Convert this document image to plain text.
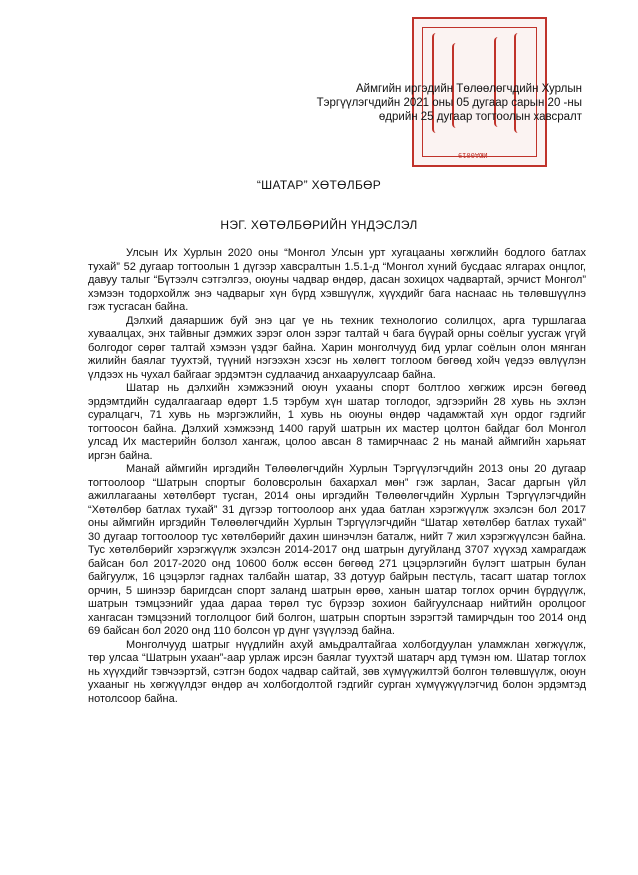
ИЮА0019
Аймгийн иргэдийн Төлөөлөгчдийн Хурлын
Тэргүүлэгчдийн 2021 оны 05 дугаар сарын 20 -ны
өдрийн 25 дугаар тогтоолын хавсралт
“ШАТАР” ХӨТӨЛБӨР
НЭГ. ХӨТӨЛБӨРИЙН ҮНДЭСЛЭЛ

Улсын Их Хурлын 2020 оны “Монгол Улсын урт хугацааны хөгжлийн бодлого батлах тухай” 52 дугаар тогтоолын 1 дүгээр хавсралтын 1.5.1-д “Монгол хүний бусдаас ялгарах онцлог, давуу талыг “Бүтээлч сэтгэлгээ, оюуны чадвар өндөр, дасан зохицох чадвартай, эрчист Монгол” хэмээн тодорхойлж энэ чадварыг хүн бүрд хэвшүүлж, хүүхдийг бага наснаас нь төлөвшүүлнэ гэж тусгасан байна.

Дэлхий даяаршиж буй энэ цаг үе нь техник технологио солилцох, арга туршлагаа хуваалцах, энх тайвныг дэмжих зэрэг олон зэрэг талтай ч бага бүүрай орны соёлыг уусгаж үгүй болгодог сөрөг талтай хэмээн үздэг байна. Харин монголчууд бид урлаг соёлын олон мянган жилийн баялаг тууxтэй, түүний нэгээхэн хэсэг нь хөлөгт тоглоом бөгөөд хойч үедээ өвлүүлэн үлдээх нь чухал байгааг эрдэмтэн судлаачид анхааруулсаар байна.

Шатар нь дэлхийн хэмжээний оюун ухааны спорт болтлоо хөгжиж ирсэн бөгөөд эрдэмтдийн судалгаагаар өдөрт 1.5 тэрбум хүн шатар тоглодог, эдгээрийн 28 хувь нь эхлэн суралцагч, 71 хувь нь мэргэжлийн, 1 хувь нь оюуны өндөр чадамжтай хүн ордог гэдгийг тогтоосон байна. Дэлхий хэмжээнд 1400 гаруй шатрын их мастер цолтон байдаг бол Монгол улсад Их мастерийн болзол хангаж, цолоо авсан 8 тамирчнаас 2 нь манай аймгийн харьяат иргэн байна.

Манай аймгийн иргэдийн Төлөөлөгчдийн Хурлын Тэргүүлэгчдийн 2013 оны 20 дугаар тогтоолоор “Шатрын спортыг боловсролын бахархал мөн” гэж зарлан, Засаг даргын үйл ажиллагааны хөтөлбөрт тусган, 2014 оны иргэдийн Төлөөлөгчдийн Хурлын Тэргүүлэгчдийн “Хөтөлбөр батлах тухай” 31 дүгээр тогтоолоор анх удаа батлан хэрэгжүүлж эхэлсэн бол 2017 оны аймгийн иргэдийн Төлөөлөгчдийн Хурлын Тэргүүлэгчдийн “Шатар хөтөлбөр батлах тухай” 30 дугаар тогтоолоор тус хөтөлбөрийг дахин шинэчлэн баталж, нийт 7 жил хэрэгжүүлсэн байна. Тус хөтөлбөрийг хэрэгжүүлж эхэлсэн 2014-2017 онд шатрын дугуйланд 3707 хүүхэд хамрагдаж байсан бол 2017-2020 онд 10600 болж өссөн бөгөөд 271 цэцэрлэгийн бүлэгт шатрын булан байгуулж, 16 цэцэрлэг гаднах талбайн шатар, 33 дотуур байрын пестүль, тасагт шатар тоглох орчин, 5 шинээр баригдсан спорт заланд шатрын өрөө, ханын шатар тоглох орчин бүрдүүлж, шатрын тэмцээнийг удаа дараа төрөл тус бүрээр зохион байгуулснаар нийтийн оролцоог хангасан тэмцээний тоглолцоог бий болгон, шатрын спортын зэрэгтэй тамирчдын тоо 2014 онд 69 байсан бол 2020 онд 110 болсон үр дүнг үзүүлээд байна.

Монголчууд шатрыг нүүдлийн ахуй амьдралтайгаа холбогдуулан уламжлан хөгжүүлж, төр улсаа “Шатрын ухаан”-аар урлаж ирсэн баялаг тууxтэй шатарч ард түмэн юм. Шатар тоглох нь хүүхдийг тэвчээртэй, сэтгэн бодох чадвар сайтай, зөв хүмүүжилтэй болгон төлөвшүүлж, оюун ухааныг нь хөгжүүлдэг өндөр ач холбогдолтой гэдгийг сурган хүмүүжүүлэгчид болон эрдэмтэд нотолсоор байна.
